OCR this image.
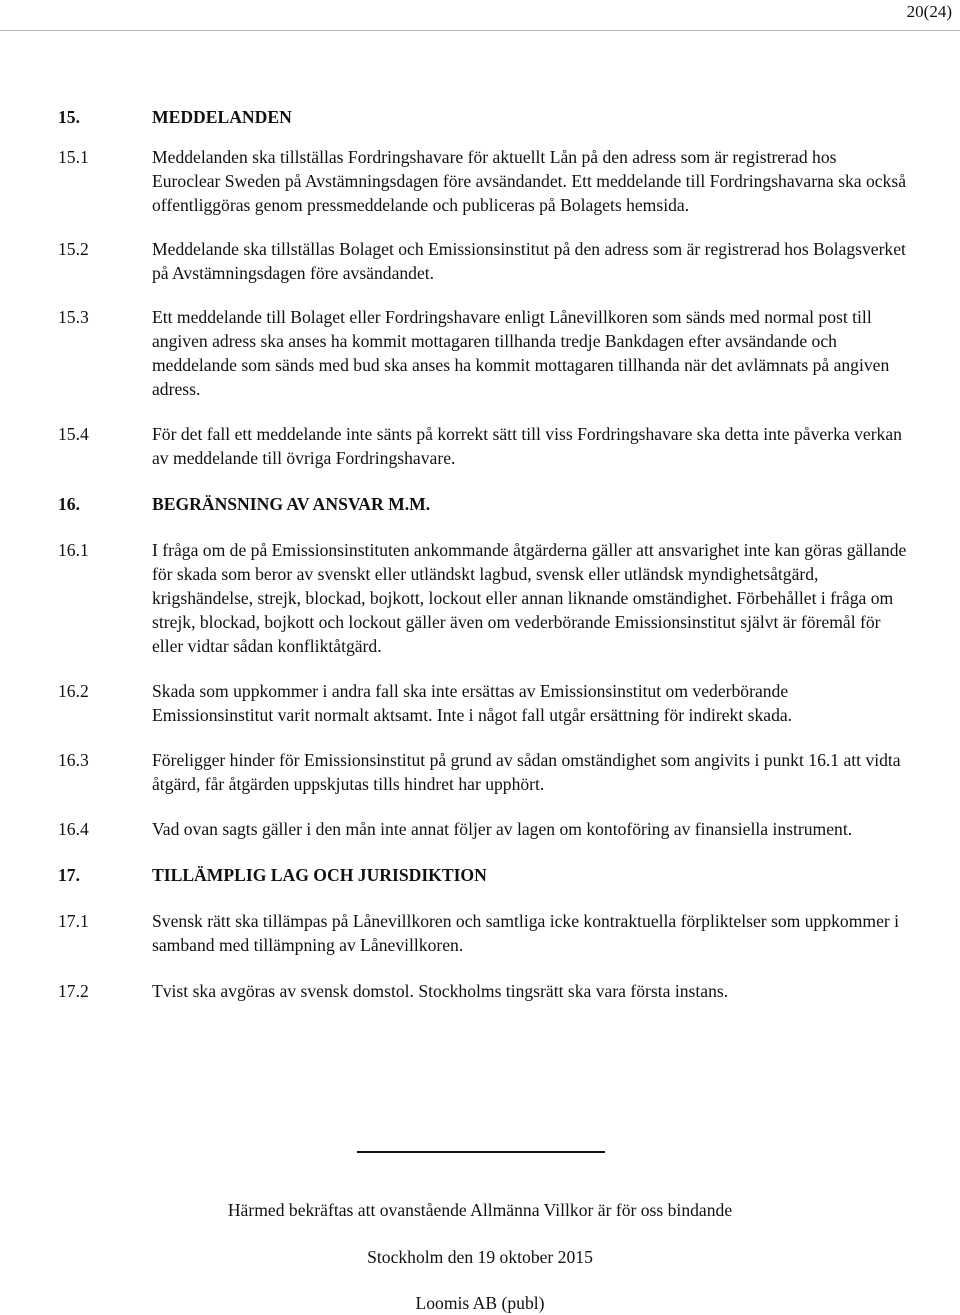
20(24)
15.	MEDDELANDEN
15.1	Meddelanden ska tillställas Fordringshavare för aktuellt Lån på den adress som är registrerad hos Euroclear Sweden på Avstämningsdagen före avsändandet. Ett meddelande till Fordringshavarna ska också offentliggöras genom pressmeddelande och publiceras på Bolagets hemsida.
15.2	Meddelande ska tillställas Bolaget och Emissionsinstitut på den adress som är registrerad hos Bolagsverket på Avstämningsdagen före avsändandet.
15.3	Ett meddelande till Bolaget eller Fordringshavare enligt Lånevillkoren som sänds med normal post till angiven adress ska anses ha kommit mottagaren tillhanda tredje Bankdagen efter avsändande och meddelande som sänds med bud ska anses ha kommit mottagaren tillhanda när det avlämnats på angiven adress.
15.4	För det fall ett meddelande inte sänts på korrekt sätt till viss Fordringshavare ska detta inte påverka verkan av meddelande till övriga Fordringshavare.
16.	BEGRÄNSNING AV ANSVAR M.M.
16.1	I fråga om de på Emissionsinstituten ankommande åtgärderna gäller att ansvarighet inte kan göras gällande för skada som beror av svenskt eller utländskt lagbud, svensk eller utländsk myndighetsåtgärd, krigshändelse, strejk, blockad, bojkott, lockout eller annan liknande omständighet. Förbehållet i fråga om strejk, blockad, bojkott och lockout gäller även om vederbörande Emissionsinstitut självt är föremål för eller vidtar sådan konfliktåtgärd.
16.2	Skada som uppkommer i andra fall ska inte ersättas av Emissionsinstitut om vederbörande Emissionsinstitut varit normalt aktsamt. Inte i något fall utgår ersättning för indirekt skada.
16.3	Föreligger hinder för Emissionsinstitut på grund av sådan omständighet som angivits i punkt 16.1 att vidta åtgärd, får åtgärden uppskjutas tills hindret har upphört.
16.4	Vad ovan sagts gäller i den mån inte annat följer av lagen om kontoföring av finansiella instrument.
17.	TILLÄMPLIG LAG OCH JURISDIKTION
17.1	Svensk rätt ska tillämpas på Lånevillkoren och samtliga icke kontraktuella förpliktelser som uppkommer i samband med tillämpning av Lånevillkoren.
17.2	Tvist ska avgöras av svensk domstol. Stockholms tingsrätt ska vara första instans.
Härmed bekräftas att ovanstående Allmänna Villkor är för oss bindande
Stockholm den 19 oktober 2015
Loomis AB (publ)
